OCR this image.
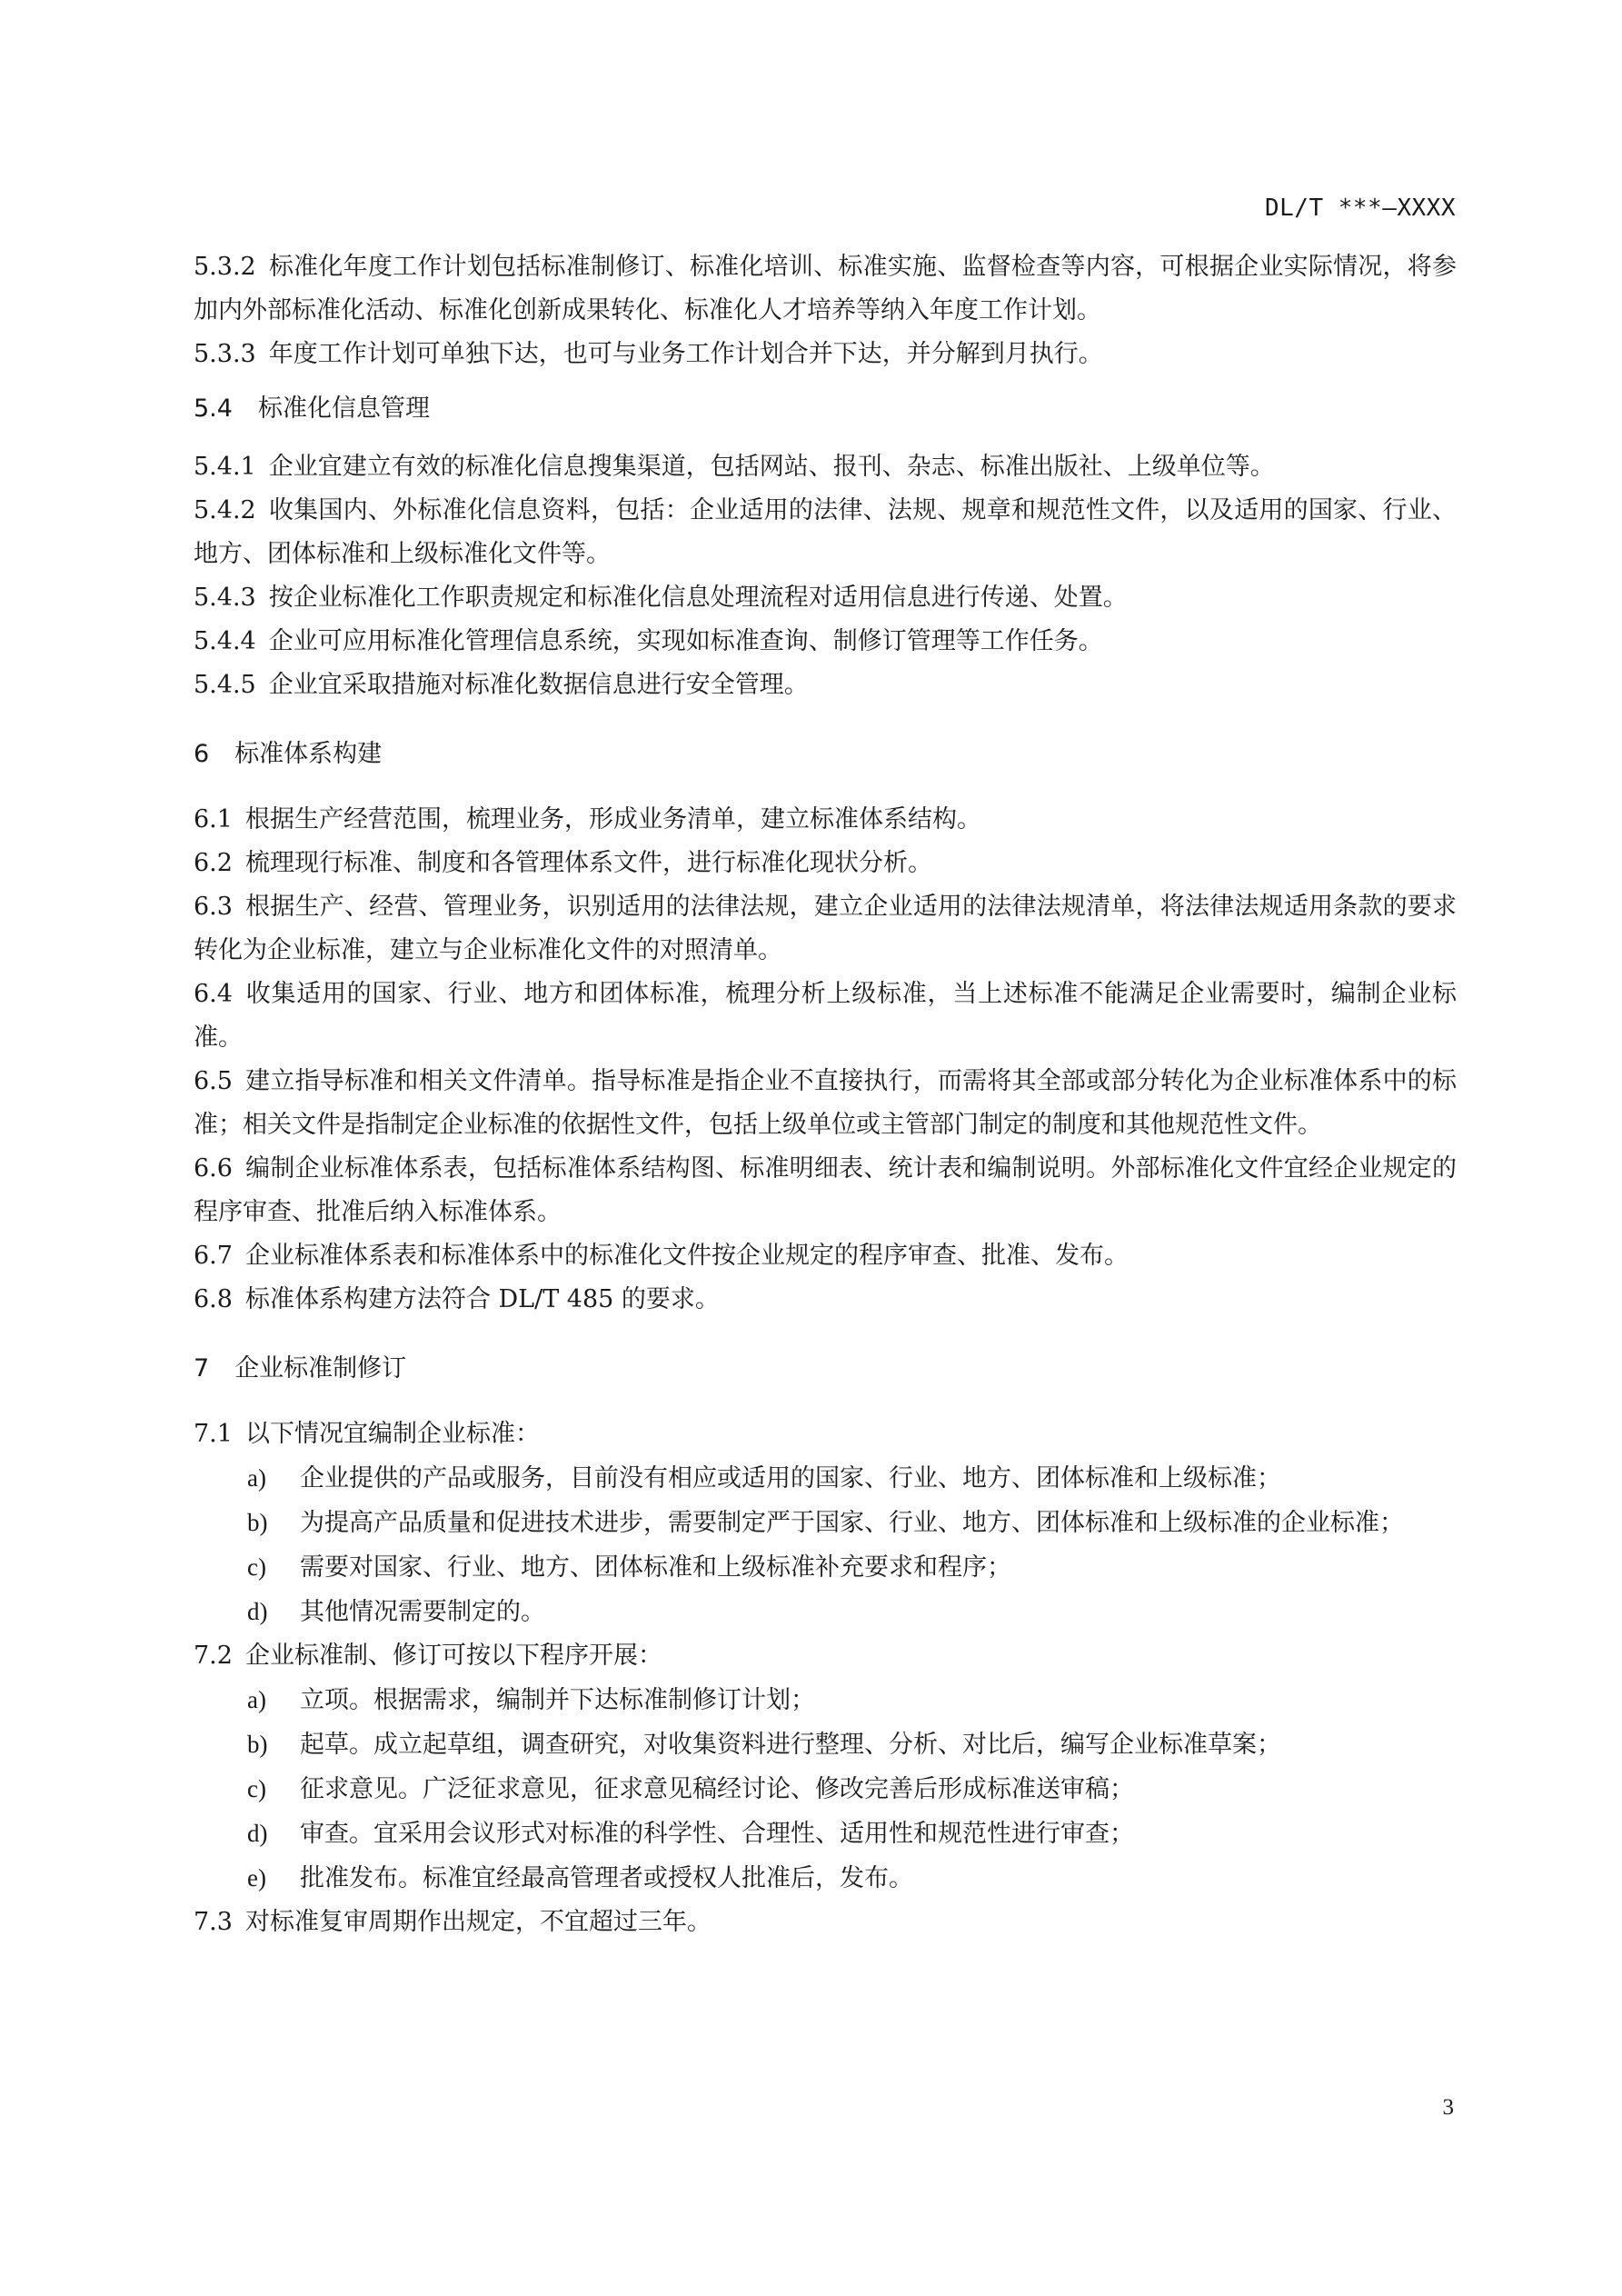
DL/T ***—XXXX

5.3.2 标准化年度工作计划包括标准制修订、标准化培训、标准实施、监督检查等内容，可根据企业实际情况，将参加内外部标准化活动、标准化创新成果转化、标准化人才培养等纳入年度工作计划。

5.3.3 年度工作计划可单独下达，也可与业务工作计划合并下达，并分解到月执行。

5.4 标准化信息管理

5.4.1 企业宜建立有效的标准化信息搜集渠道，包括网站、报刊、杂志、标准出版社、上级单位等。

5.4.2 收集国内、外标准化信息资料，包括：企业适用的法律、法规、规章和规范性文件，以及适用的国家、行业、地方、团体标准和上级标准化文件等。

5.4.3 按企业标准化工作职责规定和标准化信息处理流程对适用信息进行传递、处置。

5.4.4 企业可应用标准化管理信息系统，实现如标准查询、制修订管理等工作任务。

5.4.5 企业宜采取措施对标准化数据信息进行安全管理。

6 标准体系构建

6.1 根据生产经营范围，梳理业务，形成业务清单，建立标准体系结构。

6.2 梳理现行标准、制度和各管理体系文件，进行标准化现状分析。

6.3 根据生产、经营、管理业务，识别适用的法律法规，建立企业适用的法律法规清单，将法律法规适用条款的要求转化为企业标准，建立与企业标准化文件的对照清单。

6.4 收集适用的国家、行业、地方和团体标准，梳理分析上级标准，当上述标准不能满足企业需要时，编制企业标准。

6.5 建立指导标准和相关文件清单。指导标准是指企业不直接执行，而需将其全部或部分转化为企业标准体系中的标准；相关文件是指制定企业标准的依据性文件，包括上级单位或主管部门制定的制度和其他规范性文件。

6.6 编制企业标准体系表，包括标准体系结构图、标准明细表、统计表和编制说明。外部标准化文件宜经企业规定的程序审查、批准后纳入标准体系。

6.7 企业标准体系表和标准体系中的标准化文件按企业规定的程序审查、批准、发布。

6.8 标准体系构建方法符合 DL/T 485 的要求。

7 企业标准制修订

7.1 以下情况宜编制企业标准：

a) 企业提供的产品或服务，目前没有相应或适用的国家、行业、地方、团体标准和上级标准；

b) 为提高产品质量和促进技术进步，需要制定严于国家、行业、地方、团体标准和上级标准的企业标准；

c) 需要对国家、行业、地方、团体标准和上级标准补充要求和程序；

d) 其他情况需要制定的。

7.2 企业标准制、修订可按以下程序开展：

a) 立项。根据需求，编制并下达标准制修订计划；

b) 起草。成立起草组，调查研究，对收集资料进行整理、分析、对比后，编写企业标准草案；

c) 征求意见。广泛征求意见，征求意见稿经讨论、修改完善后形成标准送审稿；

d) 审查。宜采用会议形式对标准的科学性、合理性、适用性和规范性进行审查；

e) 批准发布。标准宜经最高管理者或授权人批准后，发布。

7.3 对标准复审周期作出规定，不宜超过三年。

3
